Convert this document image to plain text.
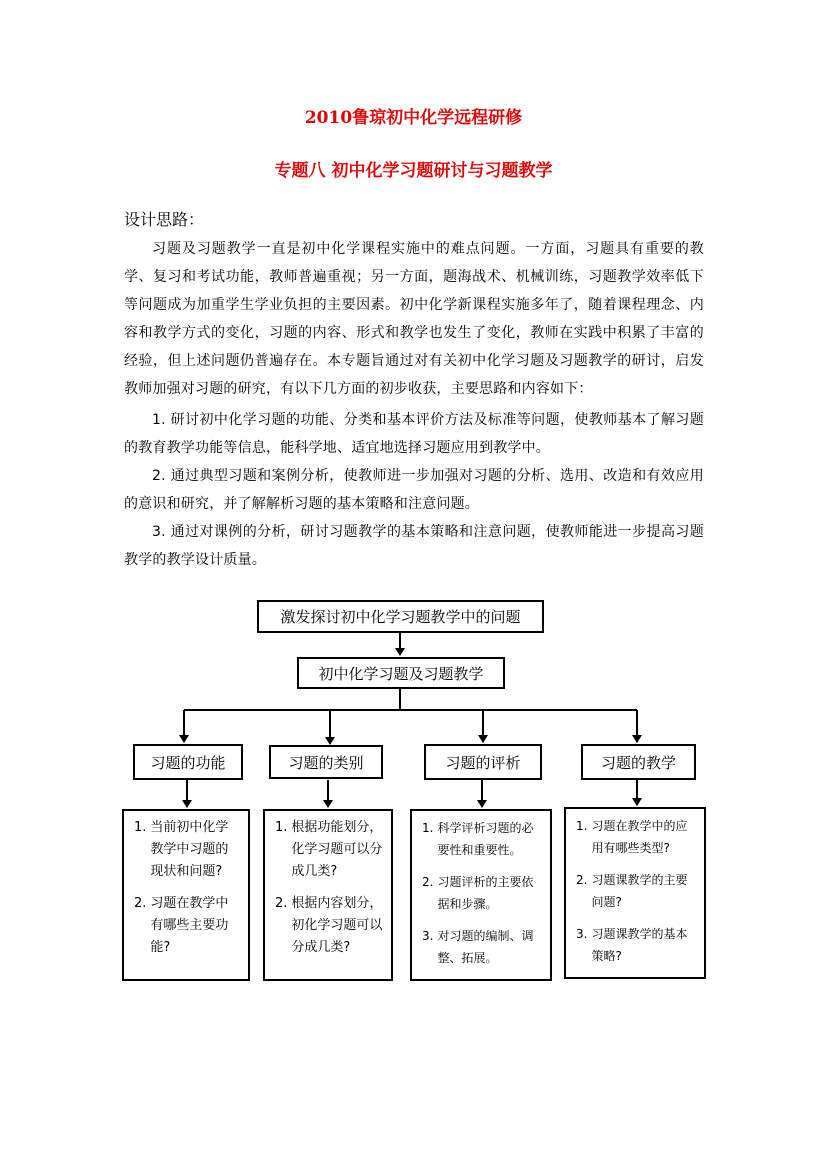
2010鲁琼初中化学远程研修
专题八 初中化学习题研讨与习题教学
设计思路：
习题及习题教学一直是初中化学课程实施中的难点问题。一方面，习题具有重要的教学、复习和考试功能，教师普遍重视；另一方面，题海战术、机械训练，习题教学效率低下等问题成为加重学生学业负担的主要因素。初中化学新课程实施多年了，随着课程理念、内容和教学方式的变化，习题的内容、形式和教学也发生了变化，教师在实践中积累了丰富的经验，但上述问题仍普遍存在。本专题旨通过对有关初中化学习题及习题教学的研讨，启发教师加强对习题的研究，有以下几方面的初步收获，主要思路和内容如下：
1. 研讨初中化学习题的功能、分类和基本评价方法及标准等问题，使教师基本了解习题的教育教学功能等信息，能科学地、适宜地选择习题应用到教学中。
2. 通过典型习题和案例分析，使教师进一步加强对习题的分析、选用、改造和有效应用的意识和研究，并了解解析习题的基本策略和注意问题。
3. 通过对课例的分析，研讨习题教学的基本策略和注意问题，使教师能进一步提高习题教学的教学设计质量。
激发探讨初中化学习题教学中的问题
初中化学习题及习题教学
习题的功能	习题的类别	习题的评析	习题的教学
1. 当前初中化学教学中习题的现状和问题?
2. 习题在教学中有哪些主要功能?
1. 根据功能划分，化学习题可以分成几类?
2. 根据内容划分，初化学习题可以分成几类?
1. 科学评析习题的必要性和重要性。
2. 习题评析的主要依据和步骤。
3. 对习题的编制、调整、拓展。
1. 习题在教学中的应用有哪些类型?
2. 习题课教学的主要问题?
3. 习题课教学的基本策略?
